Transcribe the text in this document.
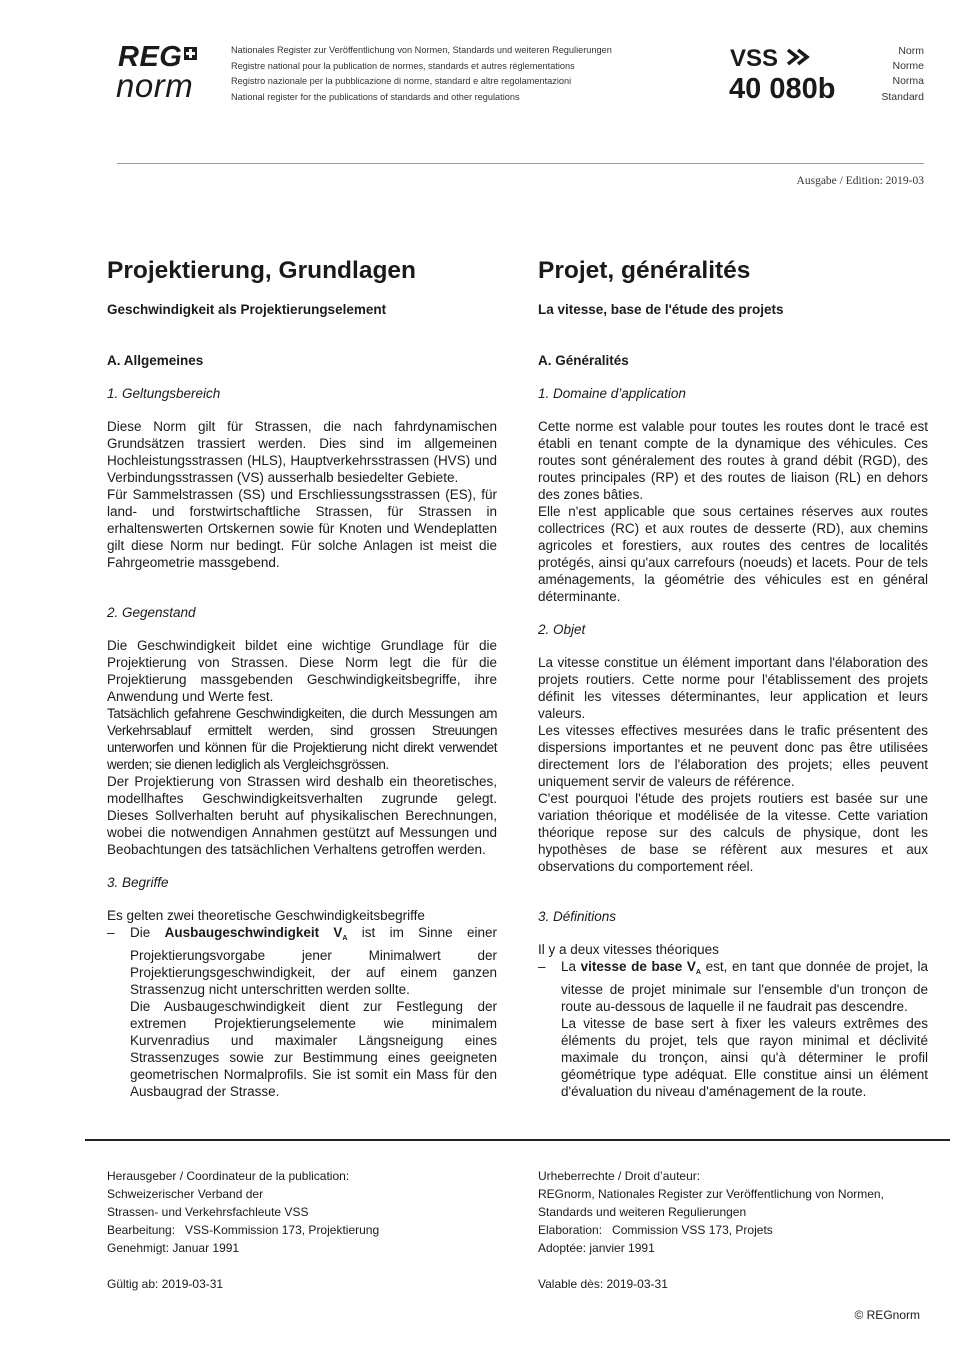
REG
norm
Nationales Register zur Veröffentlichung von Normen, Standards und weiteren Regulierungen
Registre national pour la publication de normes, standards et autres réglementations
Registro nazionale per la pubblicazione di norme, standard e altre regolamentazioni
National register for the publications of standards and other regulations
VSS
40 080b
Norm
Norme
Norma
Standard
Ausgabe / Edition: 2019-03
Projektierung, Grundlagen
Geschwindigkeit als Projektierungselement
A. Allgemeines
1. Geltungsbereich

Diese Norm gilt für Strassen, die nach fahrdynamischen Grundsätzen trassiert werden. Dies sind im allgemeinen Hochleistungsstrassen (HLS), Hauptverkehrsstrassen (HVS) und Verbindungsstrassen (VS) ausserhalb besiedelter Gebiete.

Für Sammelstrassen (SS) und Erschliessungsstrassen (ES), für land- und forstwirtschaftliche Strassen, für Strassen in erhaltenswerten Ortskernen sowie für Knoten und Wendeplatten gilt diese Norm nur bedingt. Für solche Anlagen ist meist die Fahrgeometrie massgebend.

2. Gegenstand

Die Geschwindigkeit bildet eine wichtige Grundlage für die Projektierung von Strassen. Diese Norm legt die für die Projektierung massgebenden Geschwindigkeitsbegriffe, ihre Anwendung und Werte fest.

Tatsächlich gefahrene Geschwindigkeiten, die durch Messungen am Verkehrsablauf ermittelt werden, sind grossen Streuungen unterworfen und können für die Projektierung nicht direkt verwendet werden; sie dienen lediglich als Vergleichsgrössen.

Der Projektierung von Strassen wird deshalb ein theoretisches, modellhaftes Geschwindigkeitsverhalten zugrunde gelegt. Dieses Sollverhalten beruht auf physikalischen Berechnungen, wobei die notwendigen Annahmen gestützt auf Messungen und Beobachtungen des tatsächlichen Verhaltens getroffen werden.

3. Begriffe
Es gelten zwei theoretische Geschwindigkeitsbegriffe
– Die Ausbaugeschwindigkeit $V_A$ ist im Sinne einer Projektierungsvorgabe jener Minimalwert der Projektierungsgeschwindigkeit, der auf einem ganzen Strassenzug nicht unterschritten werden sollte.

Die Ausbaugeschwindigkeit dient zur Festlegung der extremen Projektierungselemente wie minimalem Kurvenradius und maximaler Längsneigung eines Strassenzuges sowie zur Bestimmung eines geeigneten geometrischen Normalprofils. Sie ist somit ein Mass für den Ausbaugrad der Strasse.

Projet, généralités
La vitesse, base de l'étude des projets
A. Généralités
1. Domaine d’application

Cette norme est valable pour toutes les routes dont le tracé est établi en tenant compte de la dynamique des véhicules. Ces routes sont généralement des routes à grand débit (RGD), des routes principales (RP) et des routes de liaison (RL) en dehors des zones bâties.

Elle n'est applicable que sous certaines réserves aux routes collectrices (RC) et aux routes de desserte (RD), aux chemins agricoles et forestiers, aux routes des centres de localités protégés, ainsi qu'aux carrefours (noeuds) et lacets. Pour de tels aménagements, la géométrie des véhicules est en général déterminante.

2. Objet

La vitesse constitue un élément important dans l'élaboration des projets routiers. Cette norme pour l'établissement des projets définit les vitesses déterminantes, leur application et leurs valeurs.

Les vitesses effectives mesurées dans le trafic présentent des dispersions importantes et ne peuvent donc pas être utilisées directement lors de l'élaboration des projets; elles peuvent uniquement servir de valeurs de référence.

C'est pourquoi l'étude des projets routiers est basée sur une variation théorique et modélisée de la vitesse. Cette variation théorique repose sur des calculs de physique, dont les hypothèses de base se réfèrent aux mesures et aux observations du comportement réel.

3. Définitions
Il y a deux vitesses théoriques
– La vitesse de base $V_A$ est, en tant que donnée de projet, la vitesse de projet minimale sur l'ensemble d'un tronçon de route au-dessous de laquelle il ne faudrait pas descendre.

La vitesse de base sert à fixer les valeurs extrêmes des éléments du projet, tels que rayon minimal et déclivité maximale du tronçon, ainsi qu'à déterminer le profil géométrique type adéquat. Elle constitue ainsi un élément d'évaluation du niveau d'aménagement de la route.

Herausgeber / Coordinateur de la publication:
Schweizerischer Verband der
Strassen- und Verkehrsfachleute VSS
Bearbeitung:   VSS-Kommission 173, Projektierung
Genehmigt: Januar 1991
Urheberrechte / Droit d’auteur:
REGnorm, Nationales Register zur Veröffentlichung von Normen,
Standards und weiteren Regulierungen
Elaboration:   Commission VSS 173, Projets
Adoptée: janvier 1991
Gültig ab: 2019-03-31	Valable dès: 2019-03-31
© REGnorm
